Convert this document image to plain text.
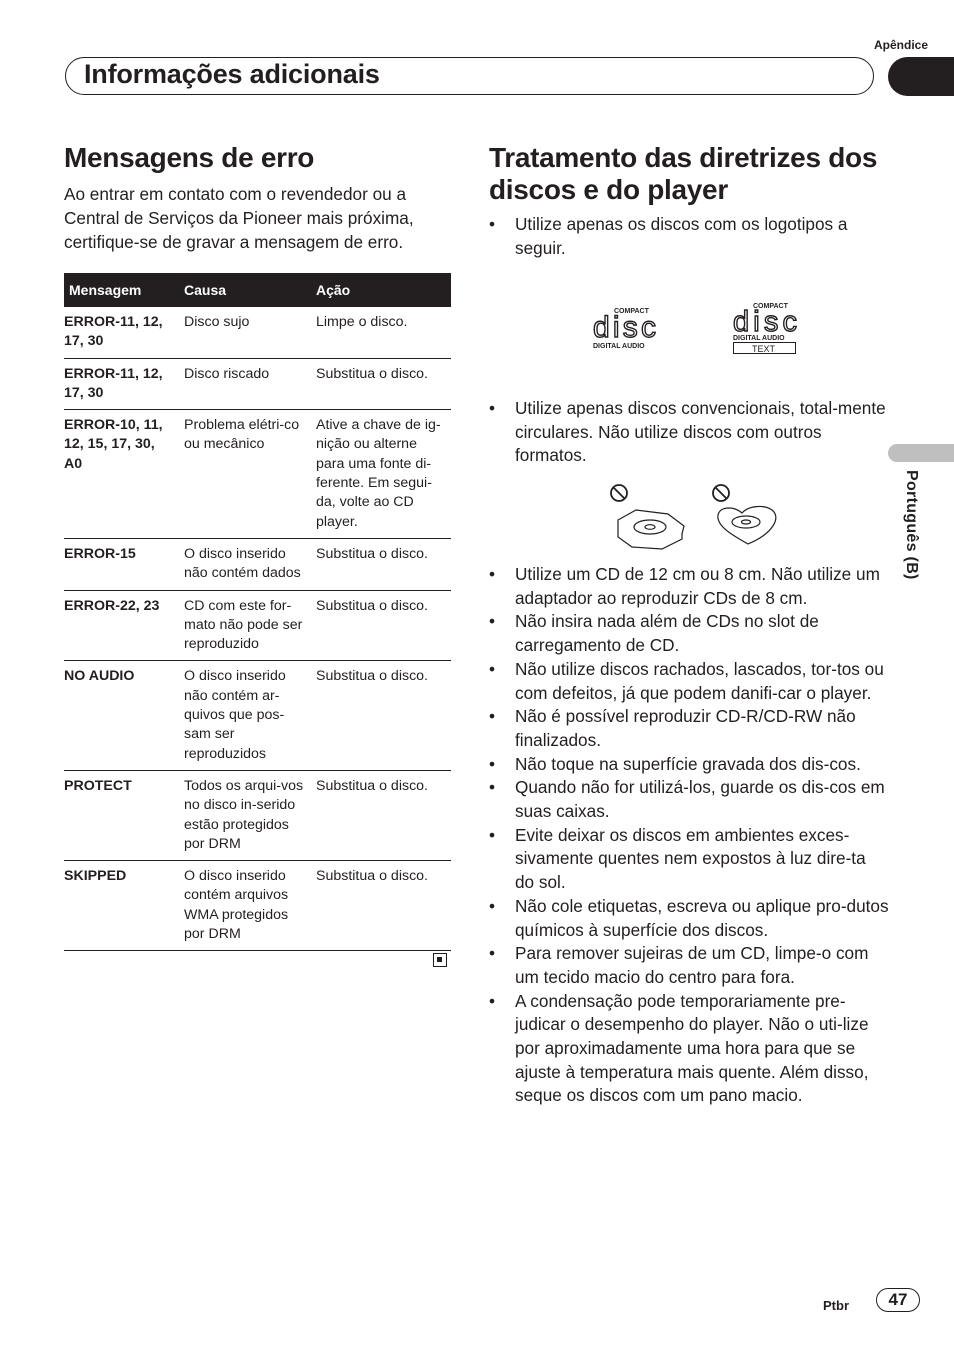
Apêndice
Informações adicionais
Mensagens de erro
Ao entrar em contato com o revendedor ou a Central de Serviços da Pioneer mais próxima, certifique-se de gravar a mensagem de erro.
Mensagem	Causa	Ação
ERROR-11, 12, 17, 30	Disco sujo	Limpe o disco.
ERROR-11, 12, 17, 30	Disco riscado	Substitua o disco.
ERROR-10, 11, 12, 15, 17, 30, A0	Problema elétri-co ou mecânico	Ative a chave de ig-nição ou alterne para uma fonte di-ferente. Em segui-da, volte ao CD player.
ERROR-15	O disco inserido não contém dados	Substitua o disco.
ERROR-22, 23	CD com este for-mato não pode ser reproduzido	Substitua o disco.
NO AUDIO	O disco inserido não contém ar-quivos que pos-sam ser reproduzidos	Substitua o disco.
PROTECT	Todos os arqui-vos no disco in-serido estão protegidos por DRM	Substitua o disco.
SKIPPED	O disco inserido contém arquivos WMA protegidos por DRM	Substitua o disco.
Tratamento das diretrizes dos discos e do player
• Utilize apenas os discos com os logotipos a seguir.
COMPACT
disc
DIGITAL AUDIO
COMPACT
disc
DIGITAL AUDIO
TEXT
• Utilize apenas discos convencionais, total-mente circulares. Não utilize discos com outros formatos.
• Utilize um CD de 12 cm ou 8 cm. Não utilize um adaptador ao reproduzir CDs de 8 cm.
• Não insira nada além de CDs no slot de carregamento de CD.
• Não utilize discos rachados, lascados, tor-tos ou com defeitos, já que podem danifi-car o player.
• Não é possível reproduzir CD-R/CD-RW não finalizados.
• Não toque na superfície gravada dos dis-cos.
• Quando não for utilizá-los, guarde os dis-cos em suas caixas.
• Evite deixar os discos em ambientes exces-sivamente quentes nem expostos à luz dire-ta do sol.
• Não cole etiquetas, escreva ou aplique pro-dutos químicos à superfície dos discos.
• Para remover sujeiras de um CD, limpe-o com um tecido macio do centro para fora.
• A condensação pode temporariamente pre-judicar o desempenho do player. Não o uti-lize por aproximadamente uma hora para que se ajuste à temperatura mais quente. Além disso, seque os discos com um pano macio.
Português (B)
Ptbr	47
